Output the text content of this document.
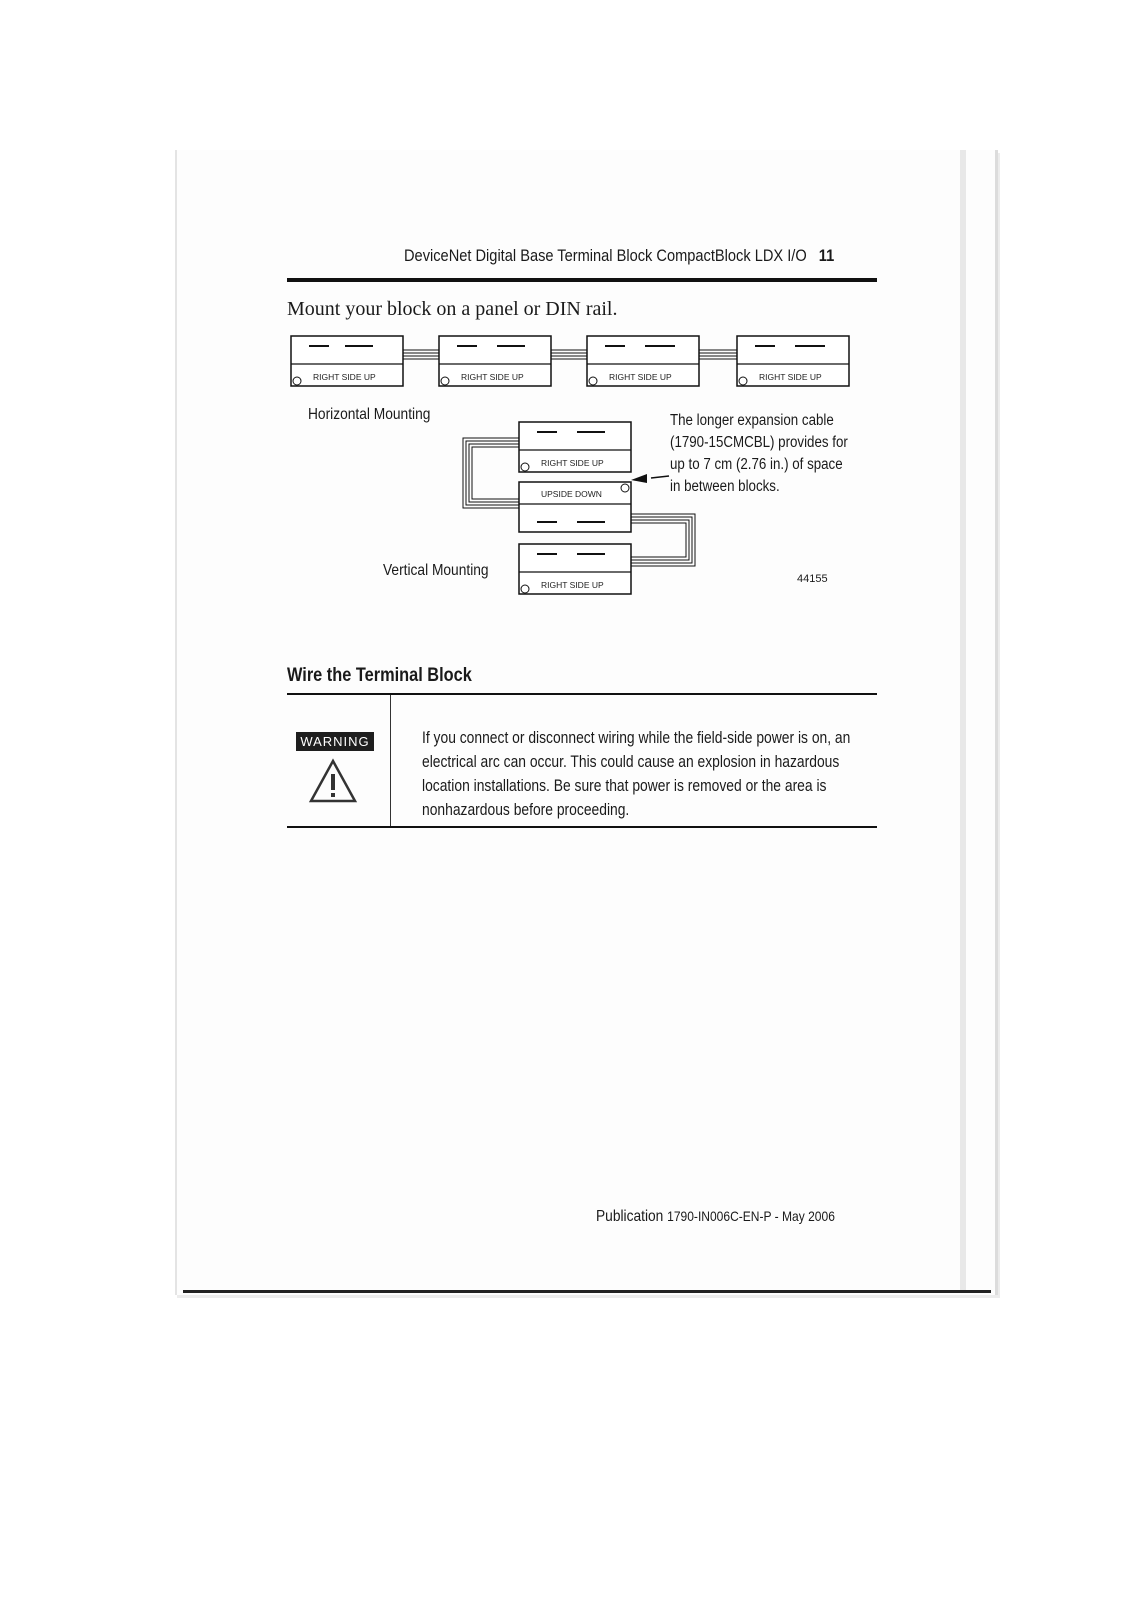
DeviceNet Digital Base Terminal Block CompactBlock LDX I/O 11
Mount your block on a panel or DIN rail.
RIGHT SIDE UP	RIGHT SIDE UP	RIGHT SIDE UP	RIGHT SIDE UP
RIGHT SIDE UP
UPSIDE DOWN
RIGHT SIDE UP
Horizontal Mounting
Vertical Mounting
The longer expansion cable
(1790-15CMCBL) provides for
up to 7 cm (2.76 in.) of space
in between blocks.
44155
Wire the Terminal Block
WARNING	If you connect or disconnect wiring while the field-side power is on, an
electrical arc can occur. This could cause an explosion in hazardous
location installations. Be sure that power is removed or the area is
nonhazardous before proceeding.
Publication 1790-IN006C-EN-P - May 2006
